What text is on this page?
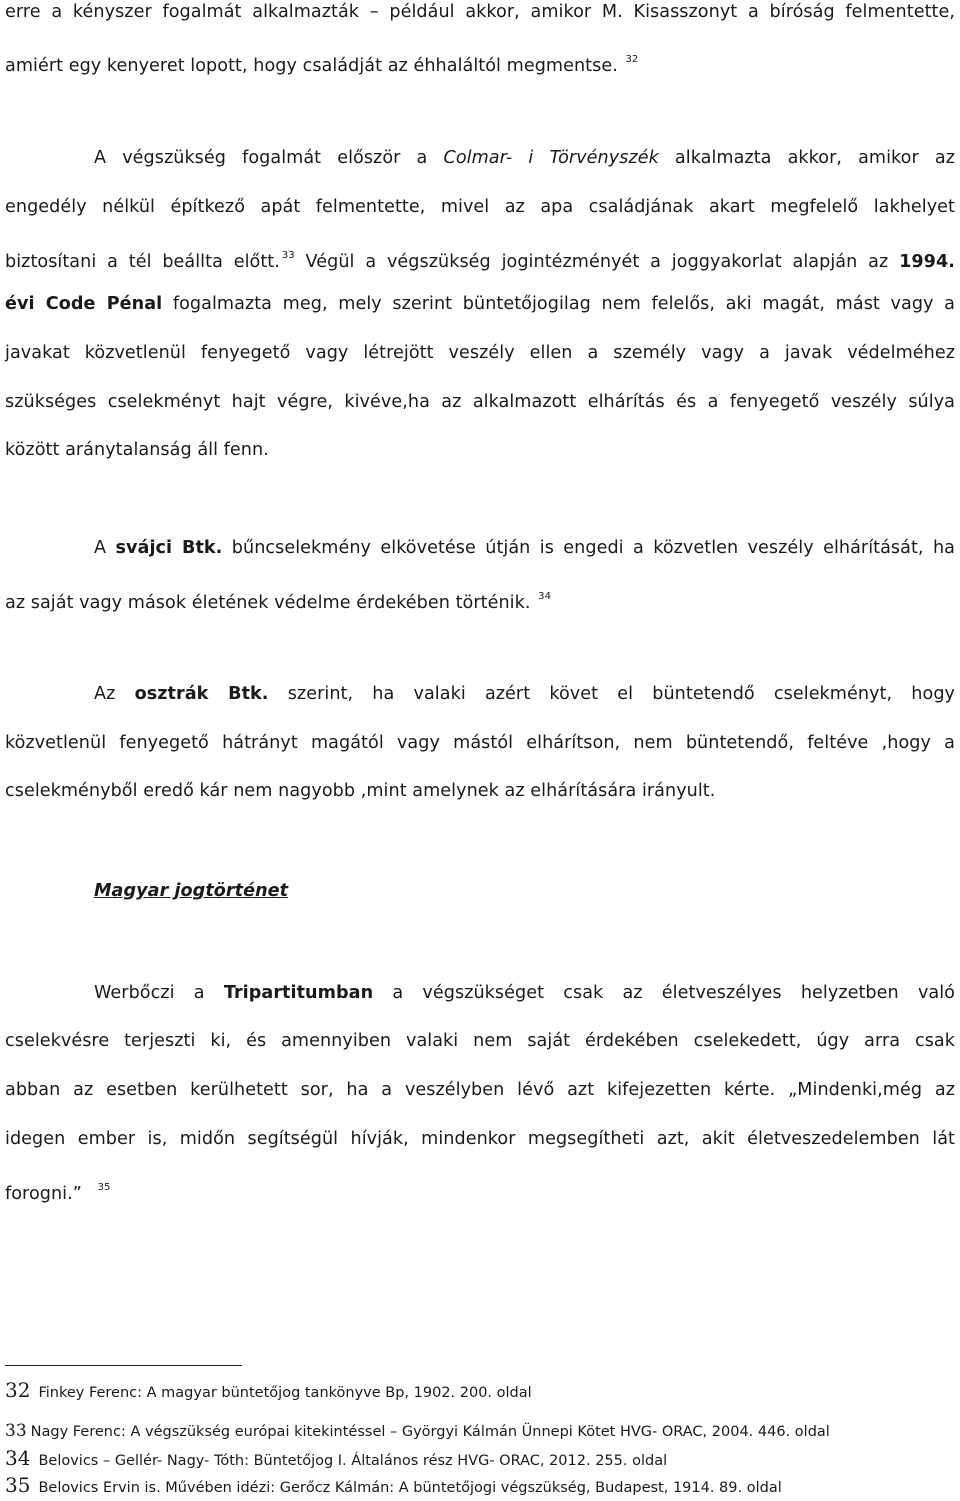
erre a kényszer fogalmát alkalmazták – például akkor, amikor M. Kisasszonyt a bíróság felmentette,

amiért egy kenyeret lopott, hogy családját az éhhaláltól megmentse. $^{32}$

A végszükség fogalmát először a Colmar- i Törvényszék alkalmazta akkor, amikor az

engedély nélkül építkező apát felmentette, mivel az apa családjának akart megfelelő lakhelyet

biztosítani a tél beállta előtt. $^{33}$ Végül a végszükség jogintézményét a joggyakorlat alapján az 1994.

évi Code Pénal fogalmazta meg, mely szerint büntetőjogilag nem felelős, aki magát, mást vagy a

javakat közvetlenül fenyegető vagy létrejött veszély ellen a személy vagy a javak védelméhez

szükséges cselekményt hajt végre, kivéve,ha az alkalmazott elhárítás és a fenyegető veszély súlya

között aránytalanság áll fenn.

A svájci Btk. bűncselekmény elkövetése útján is engedi a közvetlen veszély elhárítását, ha

az saját vagy mások életének védelme érdekében történik. $^{34}$

Az osztrák Btk. szerint, ha valaki azért követ el büntetendő cselekményt, hogy

közvetlenül fenyegető hátrányt magától vagy mástól elhárítson, nem büntetendő, feltéve ,hogy a

cselekményből eredő kár nem nagyobb ,mint amelynek az elhárítására irányult.

Magyar jogtörténet

Werbőczi a Tripartitumban a végszükséget csak az életveszélyes helyzetben való

cselekvésre terjeszti ki, és amennyiben valaki nem saját érdekében cselekedett, úgy arra csak

abban az esetben kerülhetett sor, ha a veszélyben lévő azt kifejezetten kérte. „Mindenki,még az

idegen ember is, midőn segítségül hívják, mindenkor megsegítheti azt, akit életveszedelemben lát

forogni.” $^{35}$

32 Finkey Ferenc: A magyar büntetőjog tankönyve Bp, 1902. 200. oldal
33 Nagy Ferenc: A végszükség európai kitekintéssel – Györgyi Kálmán Ünnepi Kötet HVG- ORAC, 2004. 446. oldal
34 Belovics – Gellér- Nagy- Tóth: Büntetőjog I. Általános rész HVG- ORAC, 2012. 255. oldal
35 Belovics Ervin is. Művében idézi: Gerőcz Kálmán: A büntetőjogi végszükség, Budapest, 1914. 89. oldal
